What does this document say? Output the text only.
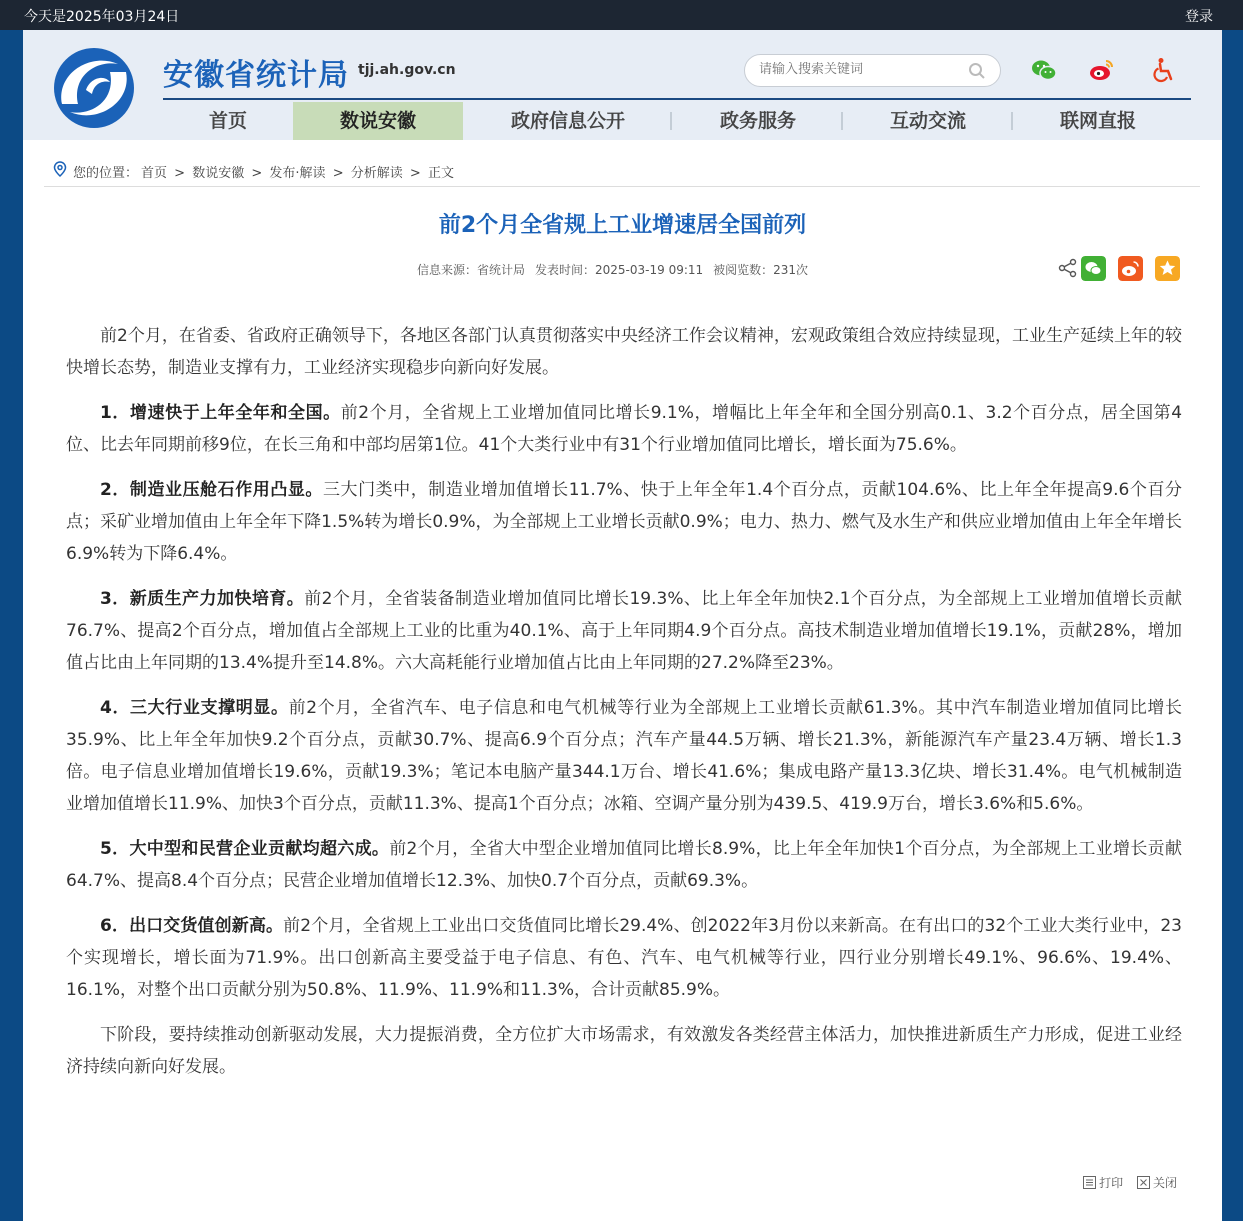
今天是2025年03月24日	登录
安徽省统计局 tjj.ah.gov.cn
请输入搜索关键词
首页	数说安徽	政府信息公开	政务服务	互动交流	联网直报
您的位置： 首页 > 数说安徽 > 发布·解读 > 分析解读 > 正文
前2个月全省规上工业增速居全国前列
信息来源：省统计局 发表时间：2025-03-19 09:11 被阅览数：231次

前2个月，在省委、省政府正确领导下，各地区各部门认真贯彻落实中央经济工作会议精神，宏观政策组合效应持续显现，工业生产延续上年的较快增长态势，制造业支撑有力，工业经济实现稳步向新向好发展。

1．增速快于上年全年和全国。前2个月，全省规上工业增加值同比增长9.1%，增幅比上年全年和全国分别高0.1、3.2个百分点，居全国第4位、比去年同期前移9位，在长三角和中部均居第1位。41个大类行业中有31个行业增加值同比增长，增长面为75.6%。

2．制造业压舱石作用凸显。三大门类中，制造业增加值增长11.7%、快于上年全年1.4个百分点，贡献104.6%、比上年全年提高9.6个百分点；采矿业增加值由上年全年下降1.5%转为增长0.9%，为全部规上工业增长贡献0.9%；电力、热力、燃气及水生产和供应业增加值由上年全年增长6.9%转为下降6.4%。

3．新质生产力加快培育。前2个月，全省装备制造业增加值同比增长19.3%、比上年全年加快2.1个百分点，为全部规上工业增加值增长贡献76.7%、提高2个百分点，增加值占全部规上工业的比重为40.1%、高于上年同期4.9个百分点。高技术制造业增加值增长19.1%，贡献28%，增加值占比由上年同期的13.4%提升至14.8%。六大高耗能行业增加值占比由上年同期的27.2%降至23%。

4．三大行业支撑明显。前2个月，全省汽车、电子信息和电气机械等行业为全部规上工业增长贡献61.3%。其中汽车制造业增加值同比增长35.9%、比上年全年加快9.2个百分点，贡献30.7%、提高6.9个百分点；汽车产量44.5万辆、增长21.3%，新能源汽车产量23.4万辆、增长1.3倍。电子信息业增加值增长19.6%，贡献19.3%；笔记本电脑产量344.1万台、增长41.6%；集成电路产量13.3亿块、增长31.4%。电气机械制造业增加值增长11.9%、加快3个百分点，贡献11.3%、提高1个百分点；冰箱、空调产量分别为439.5、419.9万台，增长3.6%和5.6%。

5．大中型和民营企业贡献均超六成。前2个月，全省大中型企业增加值同比增长8.9%，比上年全年加快1个百分点，为全部规上工业增长贡献64.7%、提高8.4个百分点；民营企业增加值增长12.3%、加快0.7个百分点，贡献69.3%。

6．出口交货值创新高。前2个月，全省规上工业出口交货值同比增长29.4%、创2022年3月份以来新高。在有出口的32个工业大类行业中，23个实现增长，增长面为71.9%。出口创新高主要受益于电子信息、有色、汽车、电气机械等行业，四行业分别增长49.1%、96.6%、19.4%、16.1%，对整个出口贡献分别为50.8%、11.9%、11.9%和11.3%，合计贡献85.9%。

下阶段，要持续推动创新驱动发展，大力提振消费，全方位扩大市场需求，有效激发各类经营主体活力，加快推进新质生产力形成，促进工业经济持续向新向好发展。

打印
关闭
